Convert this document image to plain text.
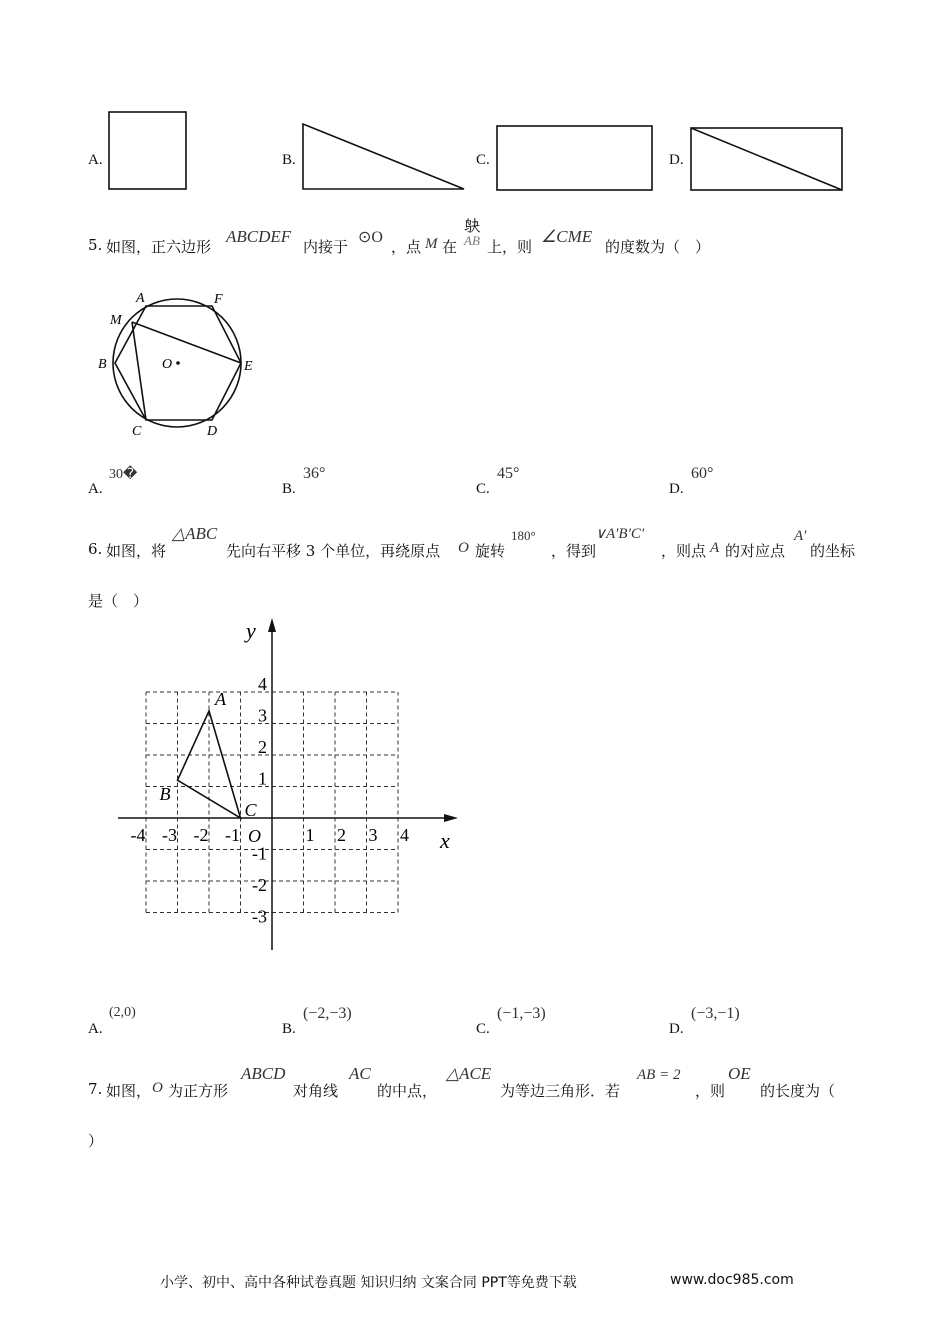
A.	B.	C.	D.
5. 如图，正六边形
ABCDEF
内接于
⊙O
，点 M 在
𫛞
AB 上，则
∠CME
的度数为（　）
A	F
M
B	O	E
C	D
A.
30�
B.
36°
C.
45°
D.
60°
6. 如图，将
△ABC
先向右平移 3 个单位，再绕原点 O 旋转
180°
，得到
∨A′B′C′
，则点 A 的对应点
A′
的坐标
是（　）
x
y
-4 -3 -2 -1	1 2 3 4
4
3
2
1
-1
-2
-3
O
A
B
C
A.
(2,0)
B.
(−2,−3)
C.
(−1,−3)
D.
(−3,−1)
7. 如图， O 为正方形
ABCD
对角线
AC
的中点，
△ACE
为等边三角形．若
AB = 2
，则
OE
的长度为（
）
小学、初中、高中各种试卷真题 知识归纳 文案合同 PPT等免费下载	www.doc985.com
